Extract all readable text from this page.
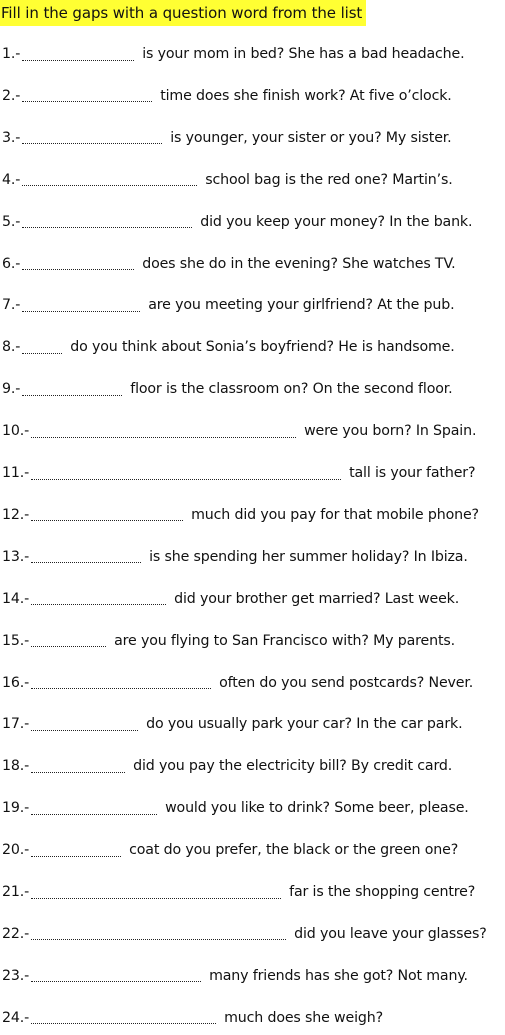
Fill in the gaps with a question word from the list
1.-	is your mom in bed? She has a bad headache.
2.-	time does she finish work? At five o’clock.
3.-	is younger, your sister or you? My sister.
4.-	school bag is the red one? Martin’s.
5.-	did you keep your money? In the bank.
6.-	does she do in the evening? She watches TV.
7.-	are you meeting your girlfriend? At the pub.
8.-	do you think about Sonia’s boyfriend? He is handsome.
9.-	floor is the classroom on? On the second floor.
10.-	were you born? In Spain.
11.-	tall is your father?
12.-	much did you pay for that mobile phone?
13.-	is she spending her summer holiday? In Ibiza.
14.-	did your brother get married? Last week.
15.-	are you flying to San Francisco with? My parents.
16.-	often do you send postcards? Never.
17.-	do you usually park your car? In the car park.
18.-	did you pay the electricity bill? By credit card.
19.-	would you like to drink? Some beer, please.
20.-	coat do you prefer, the black or the green one?
21.-	far is the shopping centre?
22.-	did you leave your glasses?
23.-	many friends has she got? Not many.
24.-	much does she weigh?
